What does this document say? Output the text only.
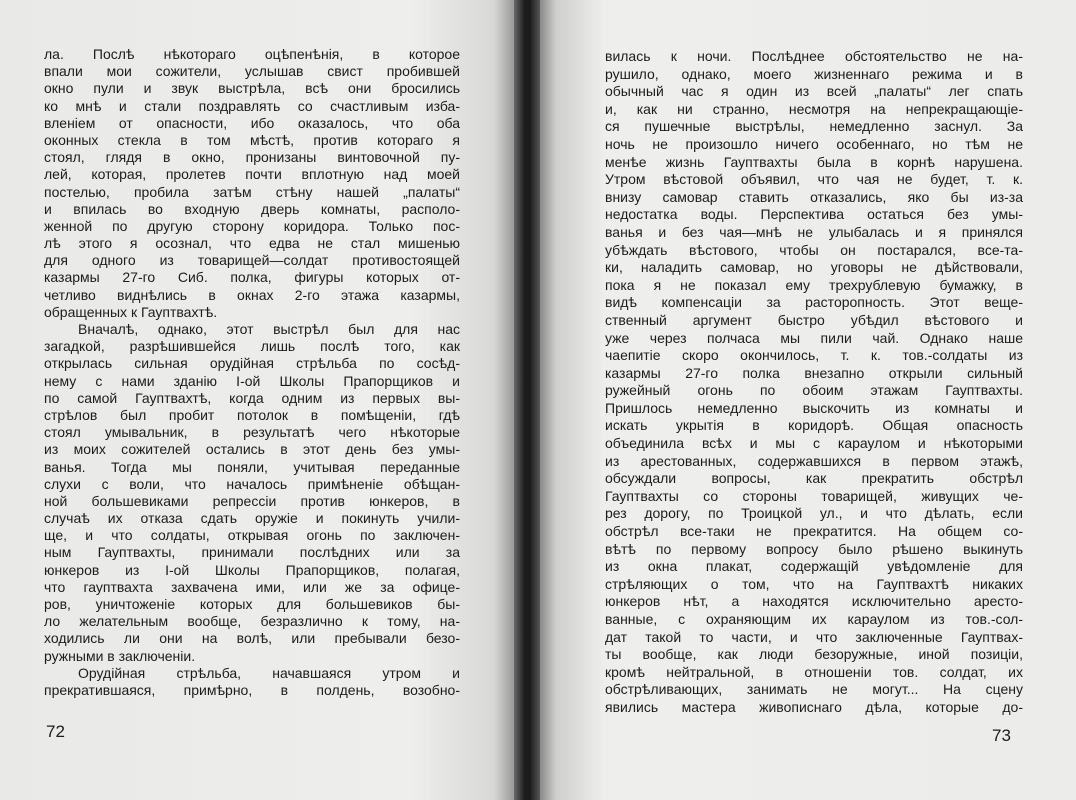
ла. Послѣ нѣкотораго оцѣпенѣнія, в которое
впали мои сожители, услышав свист пробившей
окно пули и звук выстрѣла, всѣ они бросились
ко мнѣ и стали поздравлять со счастливым изба-
вленіем от опасности, ибо оказалось, что оба
оконных стекла в том мѣстѣ, против котораго я
стоял, глядя в окно, пронизаны винтовочной пу-
лей, которая, пролетев почти вплотную над моей
постелью, пробила затѣм стѣну нашей „палаты“
и впилась во входную дверь комнаты, располо-
женной по другую сторону коридора. Только пос-
лѣ этого я осознал, что едва не стал мишенью
для одного из товарищей—солдат противостоящей
казармы 27-го Сиб. полка, фигуры которых от-
четливо виднѣлись в окнах 2-го этажа казармы,
обращенных к Гауптвахтѣ.
Вначалѣ, однако, этот выстрѣл был для нас
загадкой, разрѣшившейся лишь послѣ того, как
открылась сильная орудiйная стрѣльба по сосѣд-
нему с нами зданiю I-ой Школы Прапорщиков и
по самой Гауптвахтѣ, когда одним из первых вы-
стрѣлов был пробит потолок в помѣщенiи, гдѣ
стоял умывальник, в результатѣ чего нѣкоторые
из моих сожителей остались в этот день без умы-
ванья. Тогда мы поняли, учитывая переданные
слухи с воли, что началось примѣненiе обѣщан-
ной большевиками репрессiи против юнкеров, в
случаѣ их отказа сдать оружiе и покинуть учили-
ще, и что солдаты, открывая огонь по заключен-
ным Гауптвахты, принимали послѣдних или за
юнкеров из I-ой Школы Прапорщиков, полагая,
что гауптвахта захвачена ими, или же за офице-
ров, уничтоженiе которых для большевиков бы-
ло желательным вообще, безразлично к тому, на-
ходились ли они на волѣ, или пребывали безо-
ружными в заключенiи.
Орудiйная стрѣльба, начавшаяся утром и
прекратившаяся, примѣрно, в полдень, возобно-
72
вилась к ночи. Послѣднее обстоятельство не на-
рушило, однако, моего жизненнаго режима и в
обычный час я один из всей „палаты“ лег спать
и, как ни странно, несмотря на непрекращающiе-
ся пушечные выстрѣлы, немедленно заснул. За
ночь не произошло ничего особеннаго, но тѣм не
менѣе жизнь Гауптвахты была в корнѣ нарушена.
Утром вѣстовой объявил, что чая не будет, т. к.
внизу самовар ставить отказались, яко бы из-за
недостатка воды. Перспектива остаться без умы-
ванья и без чая—мнѣ не улыбалась и я принялся
убѣждать вѣстового, чтобы он постарался, все-та-
ки, наладить самовар, но уговоры не дѣйствовали,
пока я не показал ему трехрублевую бумажку, в
видѣ компенсацiи за расторопность. Этот веще-
ственный аргумент быстро убѣдил вѣстового и
уже через полчаса мы пили чай. Однако наше
чаепитiе скоро окончилось, т. к. тов.-солдаты из
казармы 27-го полка внезапно открыли сильный
ружейный огонь по обоим этажам Гауптвахты.
Пришлось немедленно выскочить из комнаты и
искать укрытiя в коридорѣ. Общая опасность
объединила всѣх и мы с караулом и нѣкоторыми
из арестованных, содержавшихся в первом этажѣ,
обсуждали вопросы, как прекратить обстрѣл
Гауптвахты со стороны товарищей, живущих че-
рез дорогу, по Троицкой ул., и что дѣлать, если
обстрѣл все-таки не прекратится. На общем со-
вѣтѣ по первому вопросу было рѣшено выкинуть
из окна плакат, содержащiй увѣдомленiе для
стрѣляющих о том, что на Гауптвахтѣ никаких
юнкеров нѣт, а находятся исключительно аресто-
ванные, с охраняющим их караулом из тов.-сол-
дат такой то части, и что заключенные Гауптвах-
ты вообще, как люди безоружные, иной позицiи,
кромѣ нейтральной, в отношенiи тов. солдат, их
обстрѣливающих, занимать не могут... На сцену
явились мастера живописнаго дѣла, которые до-
73
